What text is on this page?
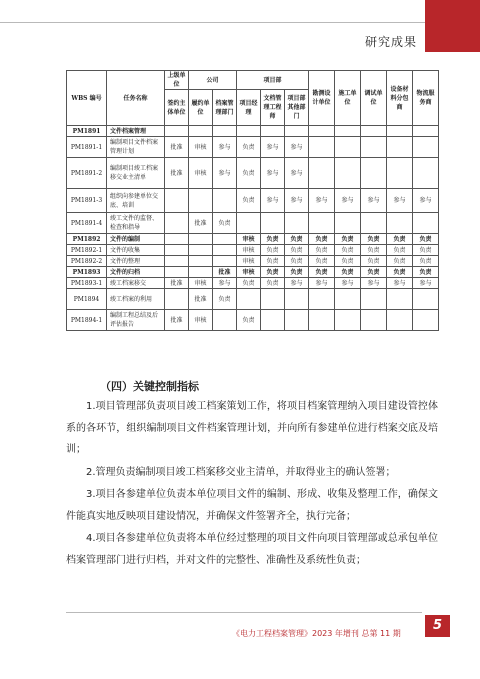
研究成果
WBS 编号	任务名称	上级单位	公司		项目部			勘测设计单位	施工单位	调试单位	设备材料分包商	物流服务商
		签约主体单位	履约单位	档案管理部门	项目经理	文档管理工程师	项目部其他部门					
PM1891	文件档案管理											
PM1891-1	编制项目文件档案管理计划	批准	审核	参与	负责	参与	参与					
PM1891-2	编制项目竣工档案移交业主清单	批准	审核	参与	负责	参与	参与					
PM1891-3	组织向参建单位交底、培训				负责	参与	参与	参与	参与	参与	参与	参与
PM1891-4	竣工文件的监督、检查和指导		批准	负责								
PM1892	文件的编制				审核	负责	负责	负责	负责	负责	负责	负责
PM1892-1	文件的收集				审核	负责	负责	负责	负责	负责	负责	负责
PM1892-2	文件的整理				审核	负责	负责	负责	负责	负责	负责	负责
PM1893	文件的归档			批准	审核	负责	负责	负责	负责	负责	负责	负责
PM1893-1	竣工档案移交	批准	审核	参与	负责	负责	参与	参与	参与	参与	参与	参与
PM1894	竣工档案的利用		批准	负责								
PM1894-1	编制工程总结及后评估报告	批准	审核		负责							
（四）关键控制指标

1.项目管理部负责项目竣工档案策划工作，将项目档案管理纳入项目建设管控体系的各环节，组织编制项目文件档案管理计划，并向所有参建单位进行档案交底及培训；

2.管理负责编制项目竣工档案移交业主清单，并取得业主的确认签署；

3.项目各参建单位负责本单位项目文件的编制、形成、收集及整理工作，确保文件能真实地反映项目建设情况，并确保文件签署齐全，执行完备；

4.项目各参建单位负责将本单位经过整理的项目文件向项目管理部或总承包单位档案管理部门进行归档，并对文件的完整性、准确性及系统性负责；

《电力工程档案管理》2023 年增刊 总第 11 期
5
